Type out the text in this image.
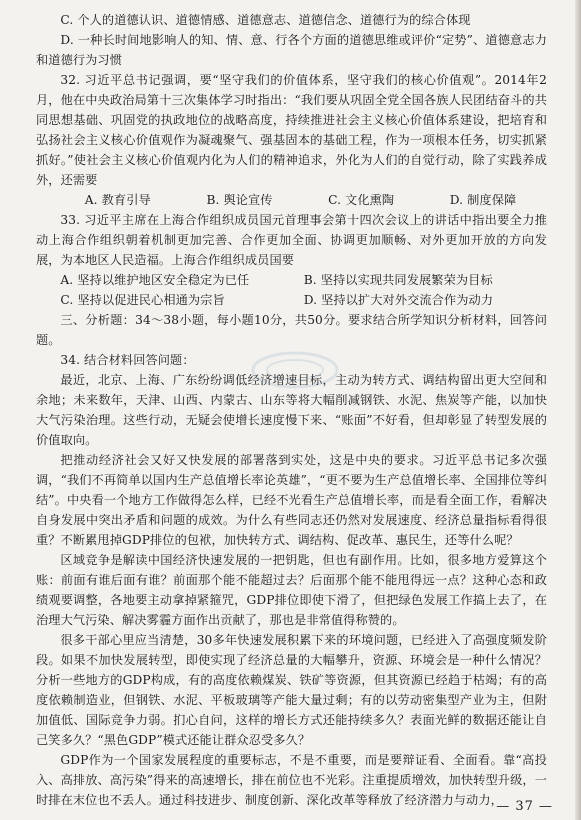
C. 个人的道德认识、道德情感、道德意志、道德信念、道德行为的综合体现

D. 一种长时间地影响人的知、情、意、行各个方面的道德思维或评价“定势”、道德意志力和道德行为习惯

32. 习近平总书记强调，要“坚守我们的价值体系，坚守我们的核心价值观”。2014年2月，他在中央政治局第十三次集体学习时指出：“我们要从巩固全党全国各族人民团结奋斗的共同思想基础、巩固党的执政地位的战略高度，持续推进社会主义核心价值体系建设，把培育和弘扬社会主义核心价值观作为凝魂聚气、强基固本的基础工程，作为一项根本任务，切实抓紧抓好。”使社会主义核心价值观内化为人们的精神追求，外化为人们的自觉行动，除了实践养成外，还需要

A. 教育引导	B. 舆论宣传	C. 文化熏陶	D. 制度保障

33. 习近平主席在上海合作组织成员国元首理事会第十四次会议上的讲话中指出要全力推动上海合作组织朝着机制更加完善、合作更加全面、协调更加顺畅、对外更加开放的方向发展，为本地区人民造福。上海合作组织成员国要

A. 坚持以维护地区安全稳定为已任	B. 坚持以实现共同发展繁荣为目标
C. 坚持以促进民心相通为宗旨	D. 坚持以扩大对外交流合作为动力

三、分析题：34～38小题，每小题10分，共50分。要求结合所学知识分析材料，回答问题。

34. 结合材料回答问题：

最近，北京、上海、广东纷纷调低经济增速目标，主动为转方式、调结构留出更大空间和余地；未来数年，天津、山西、内蒙古、山东等将大幅削减钢铁、水泥、焦炭等产能，以加快大气污染治理。这些行动，无疑会使增长速度慢下来、“账面”不好看，但却彰显了转型发展的价值取向。

把推动经济社会又好又快发展的部署落到实处，这是中央的要求。习近平总书记多次强调，“我们不再简单以国内生产总值增长率论英雄”，“更不要为生产总值增长率、全国排位等纠结”。中央看一个地方工作做得怎么样，已经不光看生产总值增长率，而是看全面工作，看解决自身发展中突出矛盾和问题的成效。为什么有些同志还仍然对发展速度、经济总量指标看得很重？不断累甩掉GDP排位的包袱，加快转方式、调结构、促改革、惠民生，还等什么呢？

区域竞争是解读中国经济快速发展的一把钥匙，但也有副作用。比如，很多地方爱算这个账：前面有谁后面有谁？前面那个能不能超过去？后面那个能不能甩得远一点？这种心态和政绩观要调整，各地要主动拿掉紧箍咒，GDP排位即使下滑了，但把绿色发展工作搞上去了，在治理大气污染、解决雾霾方面作出贡献了，那也是非常值得称赞的。

很多干部心里应当清楚，30多年快速发展积累下来的环境问题，已经进入了高强度频发阶段。如果不加快发展转型，即使实现了经济总量的大幅攀升，资源、环境会是一种什么情况？分析一些地方的GDP构成，有的高度依赖煤炭、铁矿等资源，但其资源已经趋于枯竭；有的高度依赖制造业，但钢铁、水泥、平板玻璃等产能大量过剩；有的以劳动密集型产业为主，但附加值低、国际竞争力弱。扪心自问，这样的增长方式还能持续多久？表面光鲜的数据还能让自己笑多久？“黑色GDP”模式还能让群众忍受多久？

GDP作为一个国家发展程度的重要标志，不是不重要，而是要辩证看、全面看。靠“高投入、高排放、高污染”得来的高速增长，排在前位也不光彩。注重提质增效，加快转型升级，一时排在末位也不丢人。通过科技进步、制度创新、深化改革等释放了经济潜力与动力，

— 37 —
